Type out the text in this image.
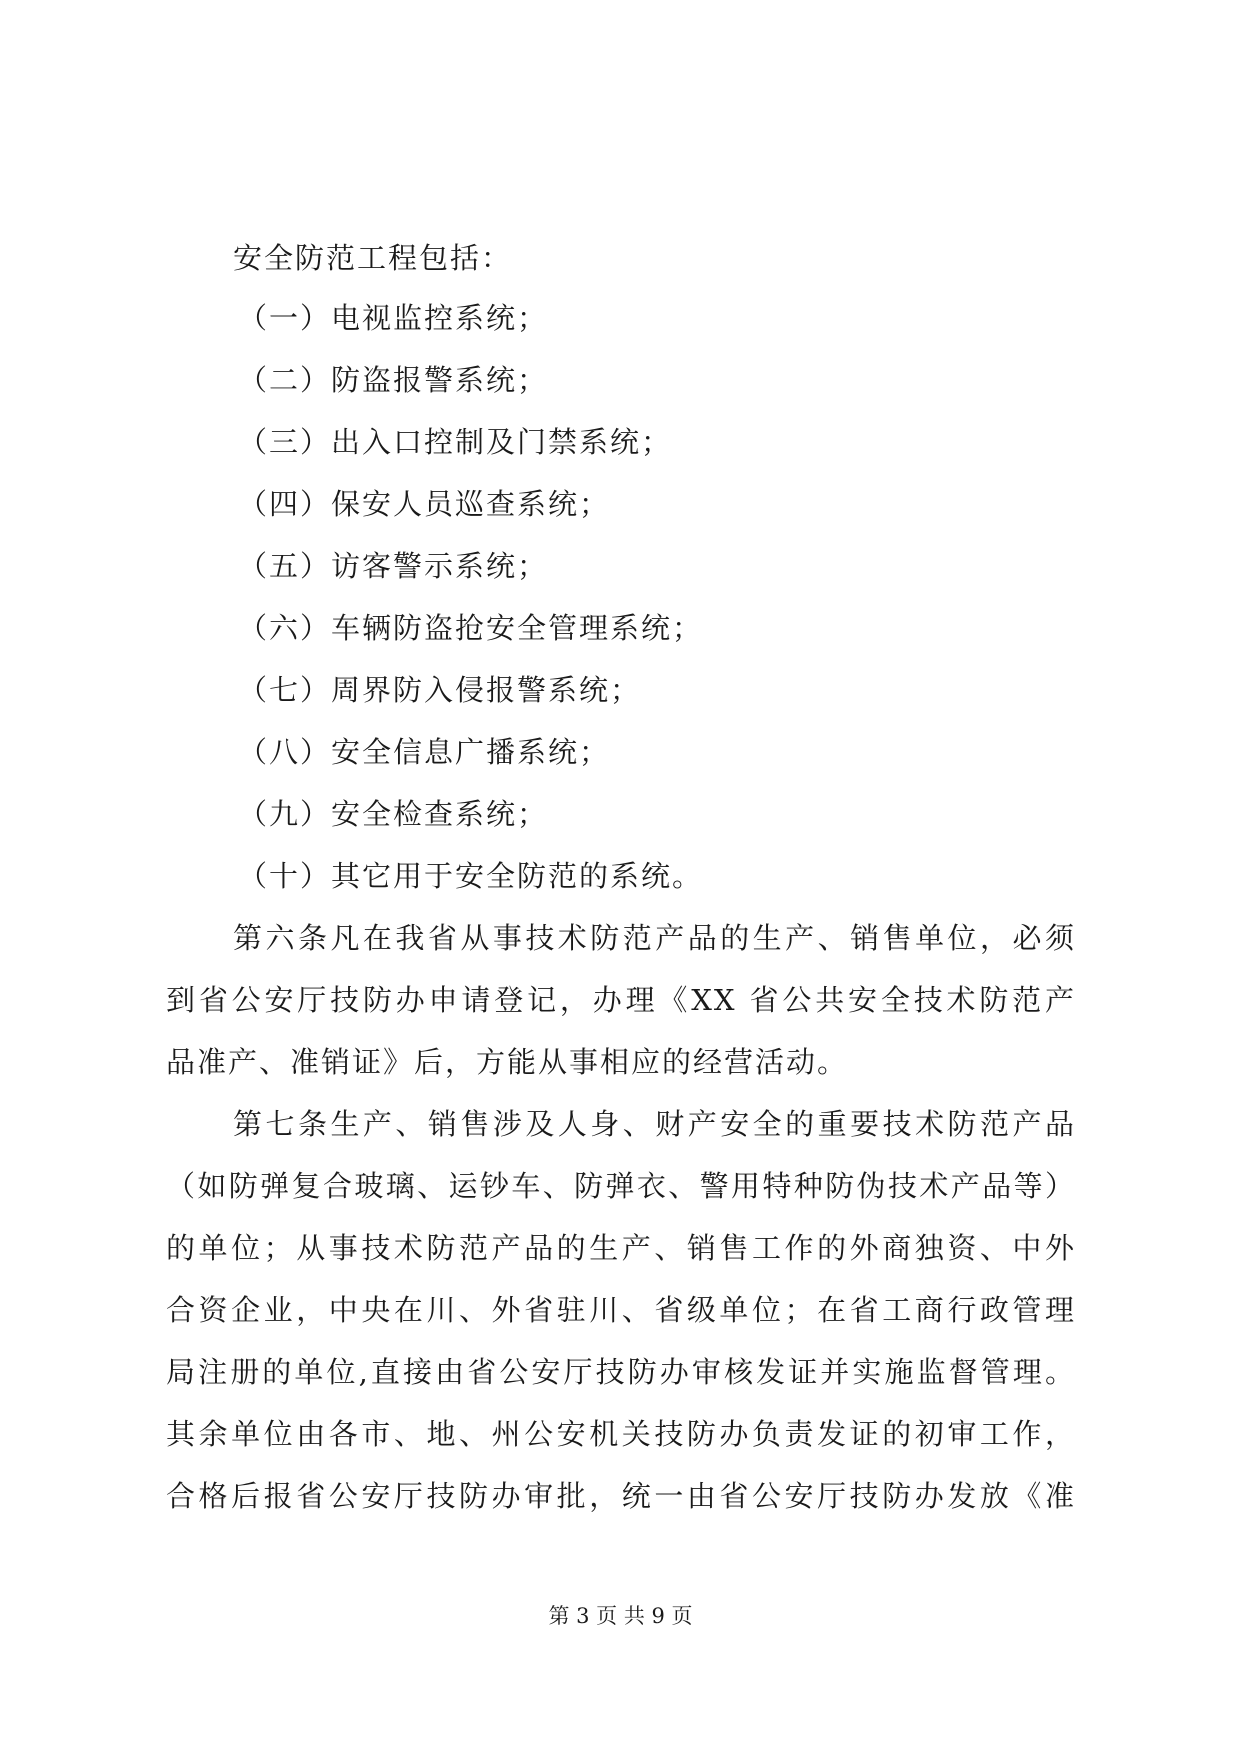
安全防范工程包括：
（一）电视监控系统；
（二）防盗报警系统；
（三）出入口控制及门禁系统；
（四）保安人员巡查系统；
（五）访客警示系统；
（六）车辆防盗抢安全管理系统；
（七）周界防入侵报警系统；
（八）安全信息广播系统；
（九）安全检查系统；
（十）其它用于安全防范的系统。
第六条凡在我省从事技术防范产品的生产、销售单位，必须
到省公安厅技防办申请登记，办理《XX 省公共安全技术防范产
品准产、准销证》后，方能从事相应的经营活动。
第七条生产、销售涉及人身、财产安全的重要技术防范产品
（如防弹复合玻璃、运钞车、防弹衣、警用特种防伪技术产品等）
的单位；从事技术防范产品的生产、销售工作的外商独资、中外
合资企业，中央在川、外省驻川、省级单位；在省工商行政管理
局注册的单位,直接由省公安厅技防办审核发证并实施监督管理。
其余单位由各市、地、州公安机关技防办负责发证的初审工作，
合格后报省公安厅技防办审批，统一由省公安厅技防办发放《准
第 3 页 共 9 页
